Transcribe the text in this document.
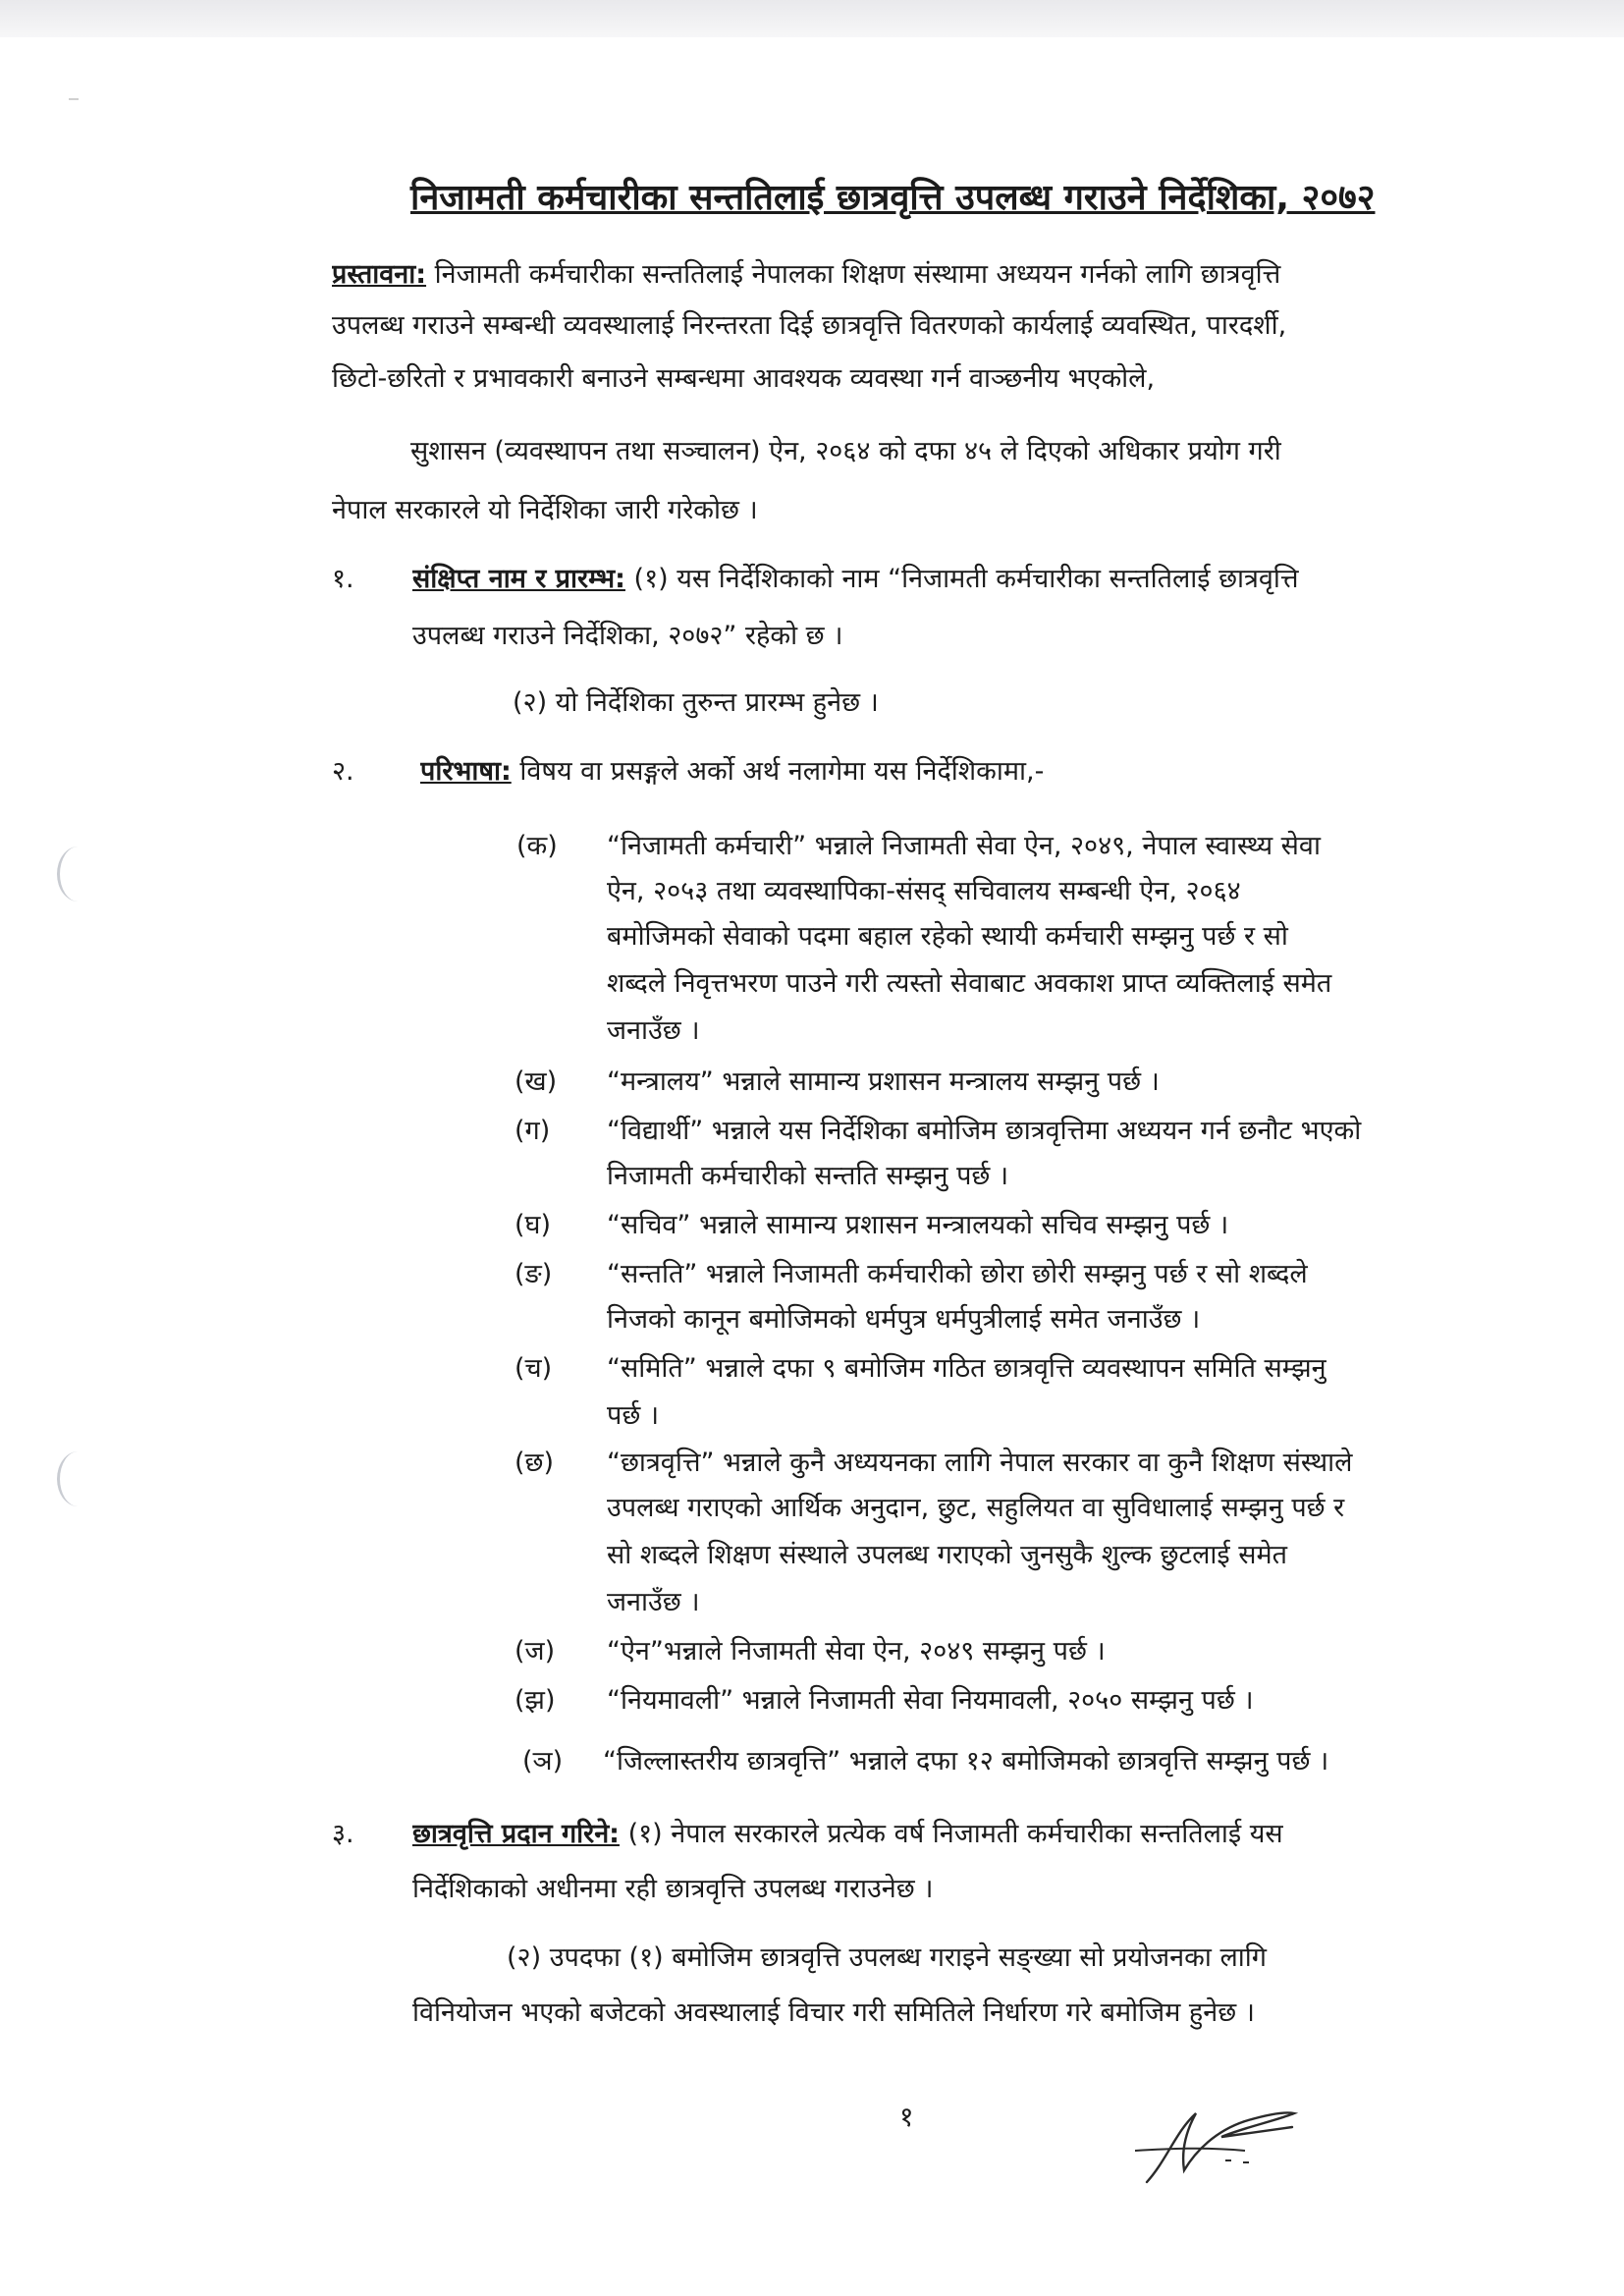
निजामती कर्मचारीका सन्ततिलाई छात्रवृत्ति उपलब्ध गराउने निर्देशिका, २०७२
प्रस्तावना: निजामती कर्मचारीका सन्ततिलाई नेपालका शिक्षण संस्थामा अध्ययन गर्नको लागि छात्रवृत्ति
उपलब्ध गराउने सम्बन्धी व्यवस्थालाई निरन्तरता दिई छात्रवृत्ति वितरणको कार्यलाई व्यवस्थित, पारदर्शी,
छिटो-छरितो र प्रभावकारी बनाउने सम्बन्धमा आवश्यक व्यवस्था गर्न वाञ्छनीय भएकोले,
सुशासन (व्यवस्थापन तथा सञ्चालन) ऐन, २०६४ को दफा ४५ ले दिएको अधिकार प्रयोग गरी
नेपाल सरकारले यो निर्देशिका जारी गरेकोछ ।
१. संक्षिप्त नाम र प्रारम्भ: (१) यस निर्देशिकाको नाम “निजामती कर्मचारीका सन्ततिलाई छात्रवृत्ति
उपलब्ध गराउने निर्देशिका, २०७२” रहेको छ ।
(२) यो निर्देशिका तुरुन्त प्रारम्भ हुनेछ ।
२. परिभाषा: विषय वा प्रसङ्गले अर्को अर्थ नलागेमा यस निर्देशिकामा,-
(क) “निजामती कर्मचारी” भन्नाले निजामती सेवा ऐन, २०४९, नेपाल स्वास्थ्य सेवा
ऐन, २०५३ तथा व्यवस्थापिका-संसद् सचिवालय सम्बन्धी ऐन, २०६४
बमोजिमको सेवाको पदमा बहाल रहेको स्थायी कर्मचारी सम्झनु पर्छ र सो
शब्दले निवृत्तभरण पाउने गरी त्यस्तो सेवाबाट अवकाश प्राप्त व्यक्तिलाई समेत
जनाउँछ ।
(ख) “मन्त्रालय” भन्नाले सामान्य प्रशासन मन्त्रालय सम्झनु पर्छ ।
(ग) “विद्यार्थी” भन्नाले यस निर्देशिका बमोजिम छात्रवृत्तिमा अध्ययन गर्न छनौट भएको
निजामती कर्मचारीको सन्तति सम्झनु पर्छ ।
(घ) “सचिव” भन्नाले सामान्य प्रशासन मन्त्रालयको सचिव सम्झनु पर्छ ।
(ङ) “सन्तति” भन्नाले निजामती कर्मचारीको छोरा छोरी सम्झनु पर्छ र सो शब्दले
निजको कानून बमोजिमको धर्मपुत्र धर्मपुत्रीलाई समेत जनाउँछ ।
(च) “समिति” भन्नाले दफा ९ बमोजिम गठित छात्रवृत्ति व्यवस्थापन समिति सम्झनु
पर्छ ।
(छ) “छात्रवृत्ति” भन्नाले कुनै अध्ययनका लागि नेपाल सरकार वा कुनै शिक्षण संस्थाले
उपलब्ध गराएको आर्थिक अनुदान, छुट, सहुलियत वा सुविधालाई सम्झनु पर्छ र
सो शब्दले शिक्षण संस्थाले उपलब्ध गराएको जुनसुकै शुल्क छुटलाई समेत
जनाउँछ ।
(ज) “ऐन”भन्नाले निजामती सेवा ऐन, २०४९ सम्झनु पर्छ ।
(झ) “नियमावली” भन्नाले निजामती सेवा नियमावली, २०५० सम्झनु पर्छ ।
(ञ) “जिल्लास्तरीय छात्रवृत्ति” भन्नाले दफा १२ बमोजिमको छात्रवृत्ति सम्झनु पर्छ ।
३. छात्रवृत्ति प्रदान गरिने: (१) नेपाल सरकारले प्रत्येक वर्ष निजामती कर्मचारीका सन्ततिलाई यस
निर्देशिकाको अधीनमा रही छात्रवृत्ति उपलब्ध गराउनेछ ।
(२) उपदफा (१) बमोजिम छात्रवृत्ति उपलब्ध गराइने सङ्ख्या सो प्रयोजनका लागि
विनियोजन भएको बजेटको अवस्थालाई विचार गरी समितिले निर्धारण गरे बमोजिम हुनेछ ।
१
